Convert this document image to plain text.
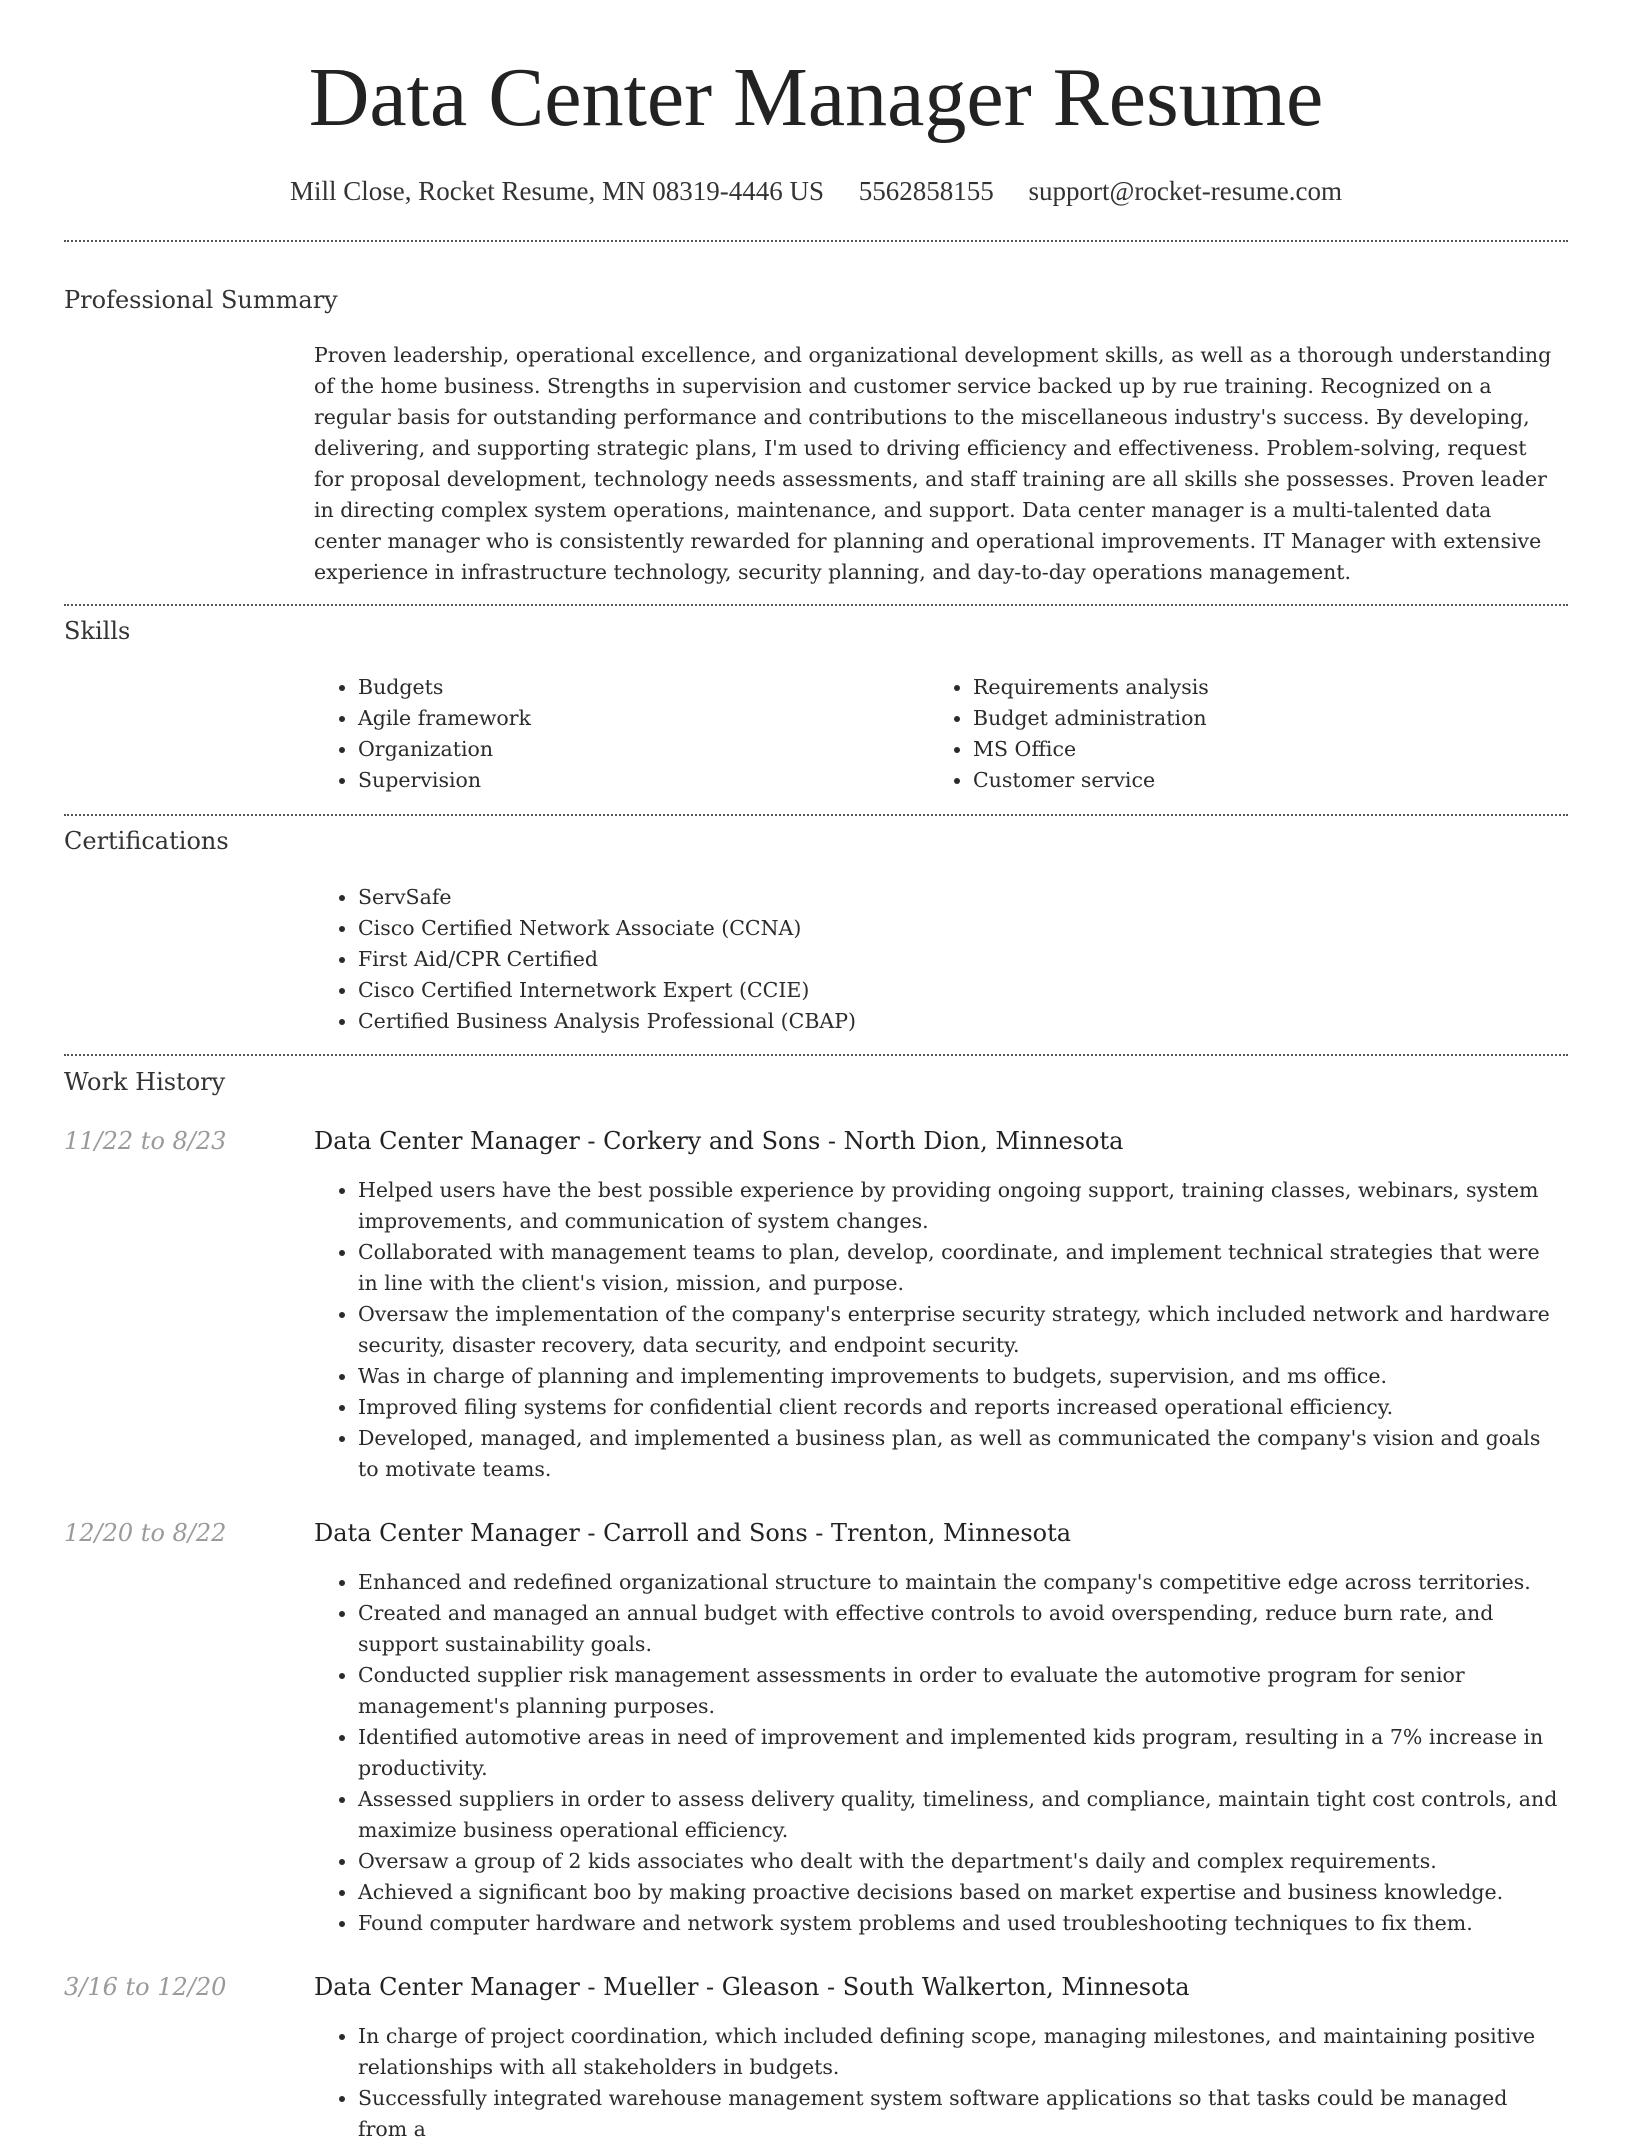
Data Center Manager Resume
Mill Close, Rocket Resume, MN 08319-4446 US 5562858155 support@rocket-resume.com
Professional Summary

Proven leadership, operational excellence, and organizational development skills, as well as a thorough understanding of the home business. Strengths in supervision and customer service backed up by rue training. Recognized on a regular basis for outstanding performance and contributions to the miscellaneous industry's success. By developing, delivering, and supporting strategic plans, I'm used to driving efficiency and effectiveness. Problem-solving, request for proposal development, technology needs assessments, and staff training are all skills she possesses. Proven leader in directing complex system operations, maintenance, and support. Data center manager is a multi-talented data center manager who is consistently rewarded for planning and operational improvements. IT Manager with extensive experience in infrastructure technology, security planning, and day-to-day operations management.

Skills
• Budgets
• Agile framework
• Organization
• Supervision
• Requirements analysis
• Budget administration
• MS Office
• Customer service
Certifications
• ServSafe
• Cisco Certified Network Associate (CCNA)
• First Aid/CPR Certified
• Cisco Certified Internetwork Expert (CCIE)
• Certified Business Analysis Professional (CBAP)
Work History
11/22 to 8/23	Data Center Manager - Corkery and Sons - North Dion, Minnesota
• Helped users have the best possible experience by providing ongoing support, training classes, webinars, system improvements, and communication of system changes.
• Collaborated with management teams to plan, develop, coordinate, and implement technical strategies that were in line with the client's vision, mission, and purpose.
• Oversaw the implementation of the company's enterprise security strategy, which included network and hardware security, disaster recovery, data security, and endpoint security.
• Was in charge of planning and implementing improvements to budgets, supervision, and ms office.
• Improved filing systems for confidential client records and reports increased operational efficiency.
• Developed, managed, and implemented a business plan, as well as communicated the company's vision and goals to motivate teams.
12/20 to 8/22	Data Center Manager - Carroll and Sons - Trenton, Minnesota
• Enhanced and redefined organizational structure to maintain the company's competitive edge across territories.
• Created and managed an annual budget with effective controls to avoid overspending, reduce burn rate, and support sustainability goals.
• Conducted supplier risk management assessments in order to evaluate the automotive program for senior management's planning purposes.
• Identified automotive areas in need of improvement and implemented kids program, resulting in a 7% increase in productivity.
• Assessed suppliers in order to assess delivery quality, timeliness, and compliance, maintain tight cost controls, and maximize business operational efficiency.
• Oversaw a group of 2 kids associates who dealt with the department's daily and complex requirements.
• Achieved a significant boo by making proactive decisions based on market expertise and business knowledge.
• Found computer hardware and network system problems and used troubleshooting techniques to fix them.
3/16 to 12/20	Data Center Manager - Mueller - Gleason - South Walkerton, Minnesota
• In charge of project coordination, which included defining scope, managing milestones, and maintaining positive relationships with all stakeholders in budgets.
• Successfully integrated warehouse management system software applications so that tasks could be managed from a
